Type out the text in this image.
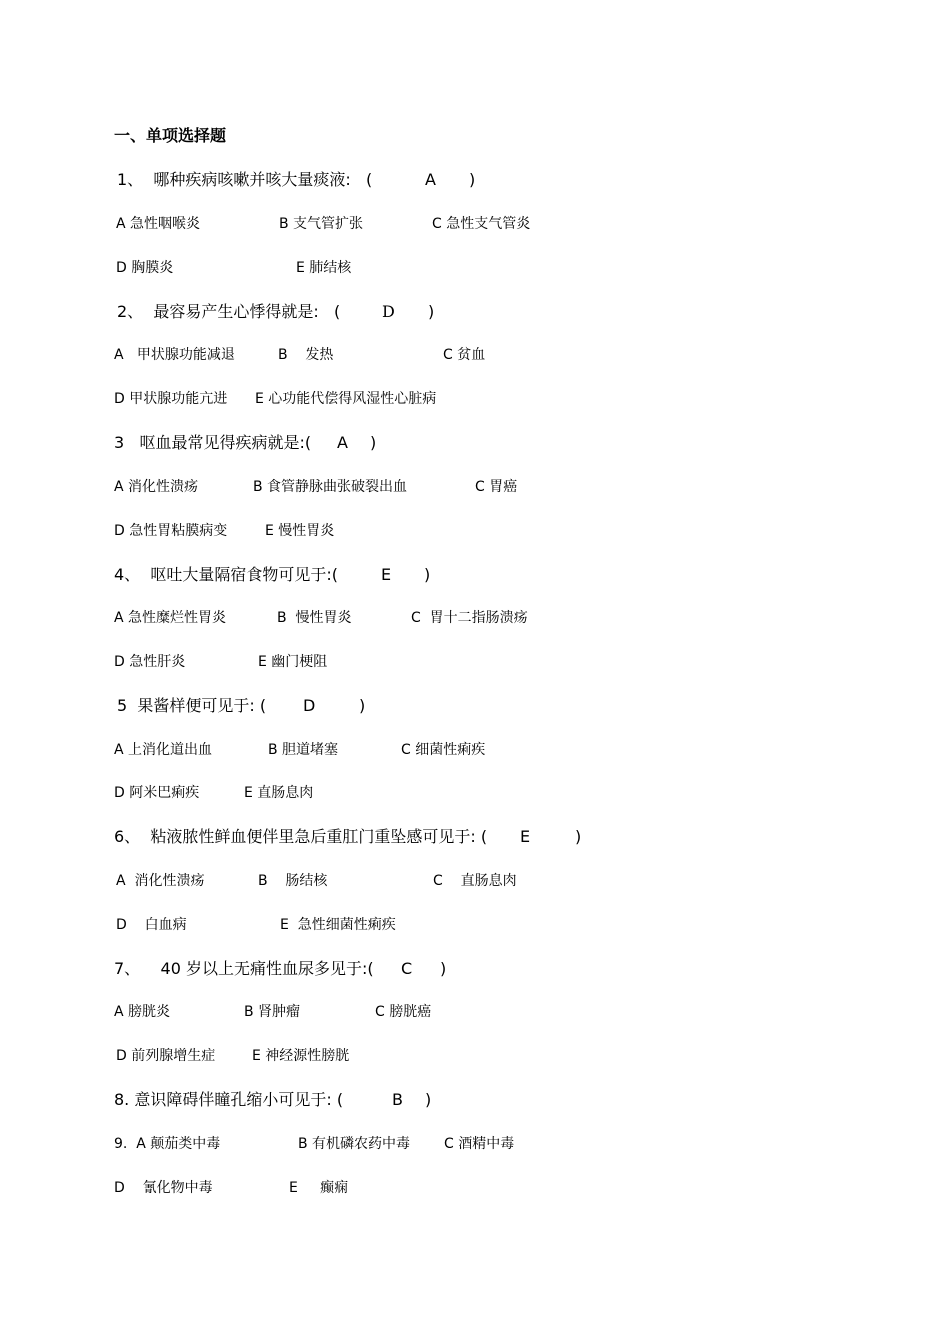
一、单项选择题
1、  哪种疾病咳嗽并咳大量痰液:   (	A )
A 急性咽喉炎	B 支气管扩张	C 急性支气管炎
D 胸膜炎	E 肺结核
2、  最容易产生心悸得就是:   (	D )
A   甲状腺功能减退	B    发热	C 贫血
D 甲状腺功能亢进 E 心功能代偿得风湿性心脏病
3   呕血最常见得疾病就是:( A )
A 消化性溃疡	B 食管静脉曲张破裂出血	C 胃癌
D 急性胃粘膜病变	E 慢性胃炎
4、  呕吐大量隔宿食物可见于:(	E )
A 急性糜烂性胃炎	B  慢性胃炎	C  胃十二指肠溃疡
D 急性肝炎	E 幽门梗阻
5  果酱样便可见于: ( D	)
A 上消化道出血	B 胆道堵塞	C 细菌性痢疾
D 阿米巴痢疾	E 直肠息肉
6、  粘液脓性鲜血便伴里急后重肛门重坠感可见于: ( E	)
A  消化性溃疡	B    肠结核	C    直肠息肉
D    白血病	E  急性细菌性痢疾
7、    40 岁以上无痛性血尿多见于:( C )
A 膀胱炎	B 肾肿瘤	C 膀胱癌
D 前列腺增生症	E 神经源性膀胱
8. 意识障碍伴瞳孔缩小可见于: (	B )
9.  A 颠茄类中毒	B 有机磷农药中毒 C 酒精中毒
D    氰化物中毒	E     癫痫
